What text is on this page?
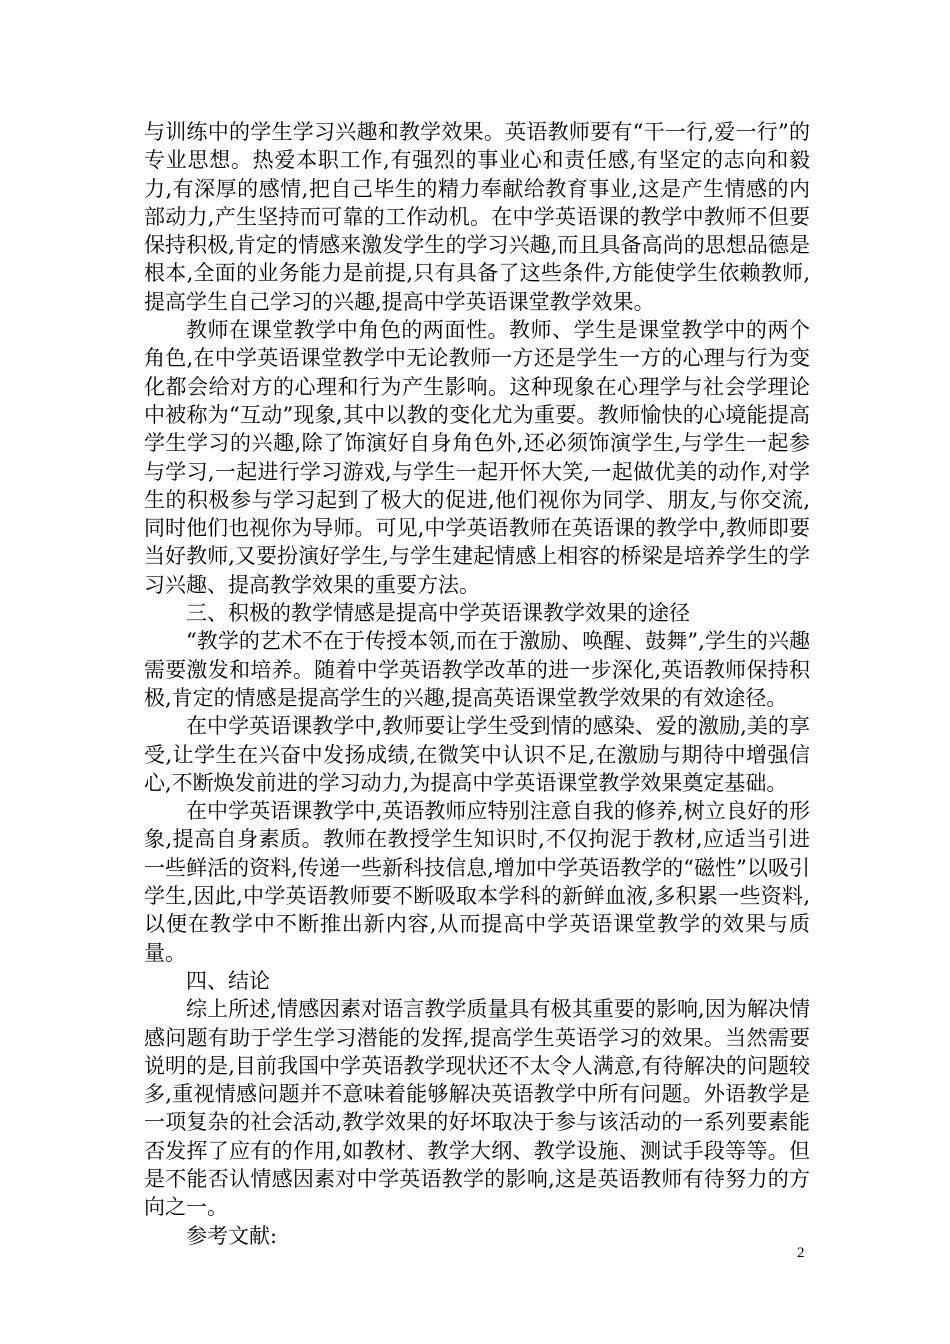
与训练中的学生学习兴趣和教学效果。英语教师要有“干一行,爱一行”的专业思想。热爱本职工作,有强烈的事业心和责任感,有坚定的志向和毅力,有深厚的感情,把自己毕生的精力奉献给教育事业,这是产生情感的内部动力,产生坚持而可靠的工作动机。在中学英语课的教学中教师不但要保持积极,肯定的情感来激发学生的学习兴趣,而且具备高尚的思想品德是根本,全面的业务能力是前提,只有具备了这些条件,方能使学生依赖教师,提高学生自己学习的兴趣,提高中学英语课堂教学效果。

教师在课堂教学中角色的两面性。教师、学生是课堂教学中的两个角色,在中学英语课堂教学中无论教师一方还是学生一方的心理与行为变化都会给对方的心理和行为产生影响。这种现象在心理学与社会学理论中被称为“互动”现象,其中以教的变化尤为重要。教师愉快的心境能提高学生学习的兴趣,除了饰演好自身角色外,还必须饰演学生,与学生一起参与学习,一起进行学习游戏,与学生一起开怀大笑,一起做优美的动作,对学生的积极参与学习起到了极大的促进,他们视你为同学、朋友,与你交流,同时他们也视你为导师。可见,中学英语教师在英语课的教学中,教师即要当好教师,又要扮演好学生,与学生建起情感上相容的桥梁是培养学生的学习兴趣、提高教学效果的重要方法。

三、积极的教学情感是提高中学英语课教学效果的途径

“教学的艺术不在于传授本领,而在于激励、唤醒、鼓舞”,学生的兴趣需要激发和培养。随着中学英语教学改革的进一步深化,英语教师保持积极,肯定的情感是提高学生的兴趣,提高英语课堂教学效果的有效途径。

在中学英语课教学中,教师要让学生受到情的感染、爱的激励,美的享受,让学生在兴奋中发扬成绩,在微笑中认识不足,在激励与期待中增强信心,不断焕发前进的学习动力,为提高中学英语课堂教学效果奠定基础。

在中学英语课教学中,英语教师应特别注意自我的修养,树立良好的形象,提高自身素质。教师在教授学生知识时,不仅拘泥于教材,应适当引进一些鲜活的资料,传递一些新科技信息,增加中学英语教学的“磁性”以吸引学生,因此,中学英语教师要不断吸取本学科的新鲜血液,多积累一些资料,以便在教学中不断推出新内容,从而提高中学英语课堂教学的效果与质量。

四、结论

综上所述,情感因素对语言教学质量具有极其重要的影响,因为解决情感问题有助于学生学习潜能的发挥,提高学生英语学习的效果。当然需要说明的是,目前我国中学英语教学现状还不太令人满意,有待解决的问题较多,重视情感问题并不意味着能够解决英语教学中所有问题。外语教学是一项复杂的社会活动,教学效果的好坏取决于参与该活动的一系列要素能否发挥了应有的作用,如教材、教学大纲、教学设施、测试手段等等。但是不能否认情感因素对中学英语教学的影响,这是英语教师有待努力的方向之一。

参考文献:

2
